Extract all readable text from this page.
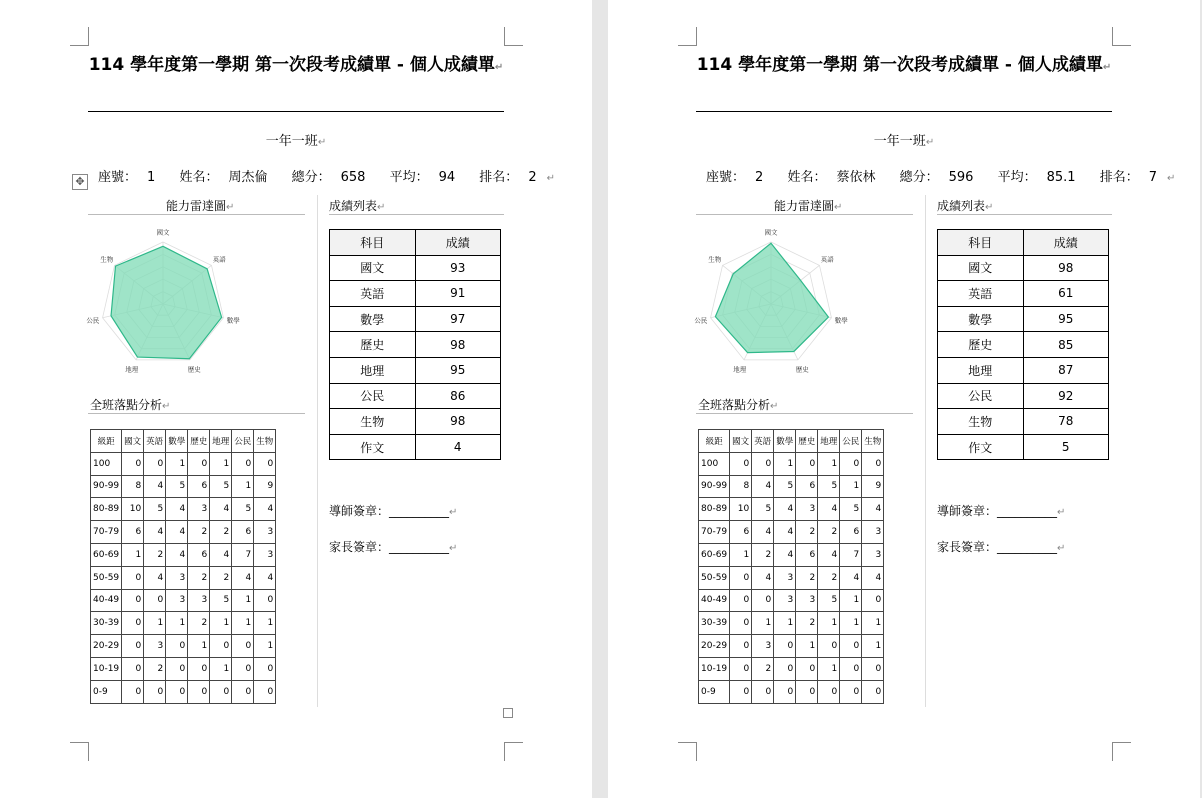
✥
114 學年度第一學期 第一次段考成績單 - 個人成績單↵
一年一班↵
座號： 1 姓名： 周杰倫 總分： 658 平均： 94 排名： 2 ↵
能力雷達圖↵
國文
英語
數學
歷史
地理
公民
生物
全班落點分析↵
級距	國文	英語	數學	歷史	地理	公民	生物
100	0	0	1	0	1	0	0
90-99	8	4	5	6	5	1	9
80-89	10	5	4	3	4	5	4
70-79	6	4	4	2	2	6	3
60-69	1	2	4	6	4	7	3
50-59	0	4	3	2	2	4	4
40-49	0	0	3	3	5	1	0
30-39	0	1	1	2	1	1	1
20-29	0	3	0	1	0	0	1
10-19	0	2	0	0	1	0	0
0-9	0	0	0	0	0	0	0
成績列表↵
科目	成績
國文	93
英語	91
數學	97
歷史	98
地理	95
公民	86
生物	98
作文	4
導師簽章：__________↵
家長簽章：__________↵
114 學年度第一學期 第一次段考成績單 - 個人成績單↵
一年一班↵
座號： 2 姓名： 蔡依林 總分： 596 平均： 85.1 排名： 7 ↵
能力雷達圖↵
國文
英語
數學
歷史
地理
公民
生物
全班落點分析↵
級距	國文	英語	數學	歷史	地理	公民	生物
100	0	0	1	0	1	0	0
90-99	8	4	5	6	5	1	9
80-89	10	5	4	3	4	5	4
70-79	6	4	4	2	2	6	3
60-69	1	2	4	6	4	7	3
50-59	0	4	3	2	2	4	4
40-49	0	0	3	3	5	1	0
30-39	0	1	1	2	1	1	1
20-29	0	3	0	1	0	0	1
10-19	0	2	0	0	1	0	0
0-9	0	0	0	0	0	0	0
成績列表↵
科目	成績
國文	98
英語	61
數學	95
歷史	85
地理	87
公民	92
生物	78
作文	5
導師簽章：__________↵
家長簽章：__________↵
